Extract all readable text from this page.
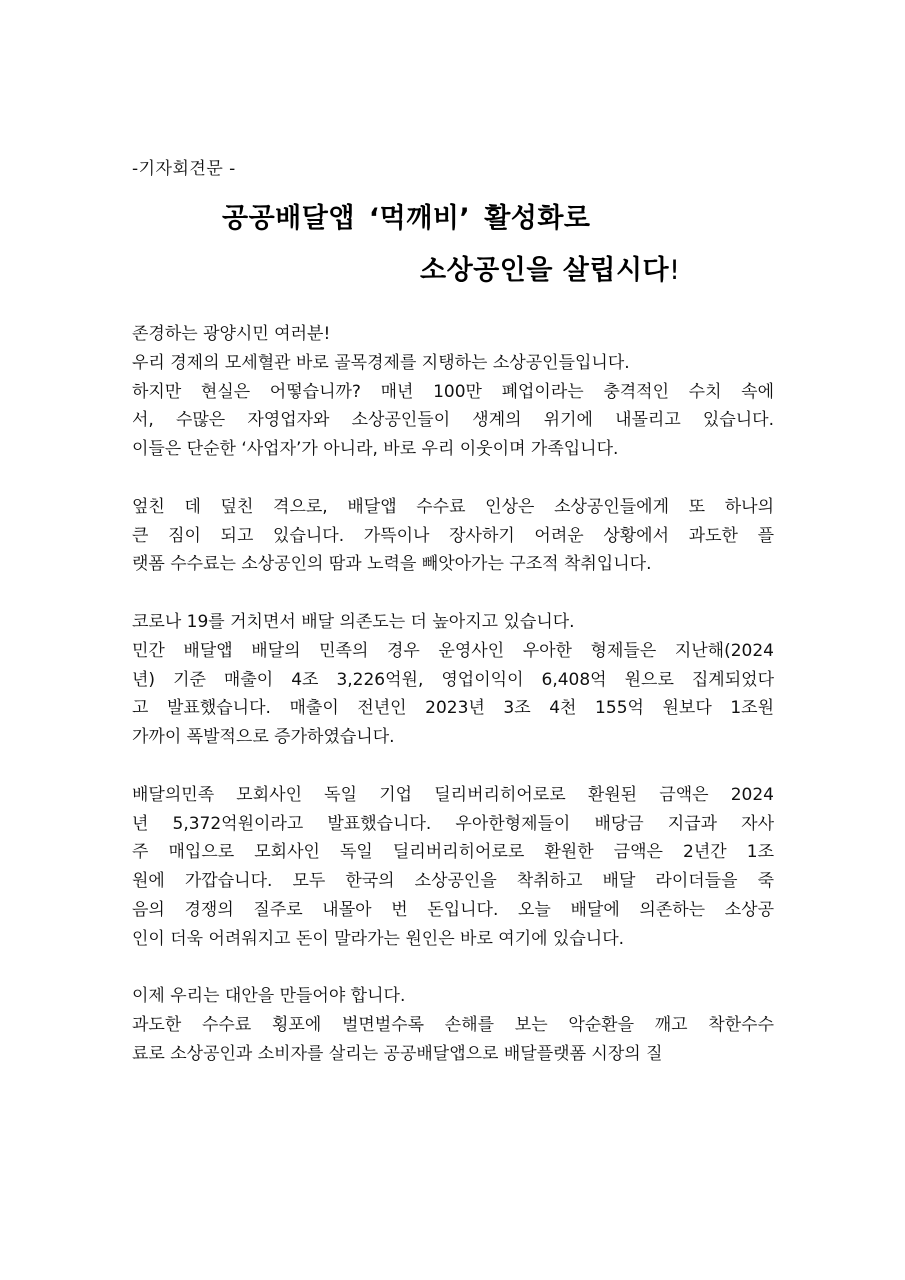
-기자회견문 -
공공배달앱 ‘먹깨비’ 활성화로
소상공인을 살립시다!
존경하는 광양시민 여러분!
우리 경제의 모세혈관 바로 골목경제를 지탱하는 소상공인들입니다.
하지만 현실은 어떻습니까? 매년 100만 폐업이라는 충격적인 수치 속에
서, 수많은 자영업자와 소상공인들이 생계의 위기에 내몰리고 있습니다.
이들은 단순한 ‘사업자’가 아니라, 바로 우리 이웃이며 가족입니다.
엎친 데 덮친 격으로, 배달앱 수수료 인상은 소상공인들에게 또 하나의
큰 짐이 되고 있습니다. 가뜩이나 장사하기 어려운 상황에서 과도한 플
랫폼 수수료는 소상공인의 땀과 노력을 빼앗아가는 구조적 착취입니다.
코로나 19를 거치면서 배달 의존도는 더 높아지고 있습니다.
민간 배달앱 배달의 민족의 경우 운영사인 우아한 형제들은 지난해(2024
년) 기준 매출이 4조 3,226억원, 영업이익이 6,408억 원으로 집계되었다
고 발표했습니다. 매출이 전년인 2023년 3조 4천 155억 원보다 1조원
가까이 폭발적으로 증가하였습니다.
배달의민족 모회사인 독일 기업 딜리버리히어로로 환원된 금액은 2024
년 5,372억원이라고 발표했습니다. 우아한형제들이 배당금 지급과 자사
주 매입으로 모회사인 독일 딜리버리히어로로 환원한 금액은 2년간 1조
원에 가깝습니다. 모두 한국의 소상공인을 착취하고 배달 라이더들을 죽
음의 경쟁의 질주로 내몰아 번 돈입니다. 오늘 배달에 의존하는 소상공
인이 더욱 어려워지고 돈이 말라가는 원인은 바로 여기에 있습니다.
이제 우리는 대안을 만들어야 합니다.
과도한 수수료 횡포에 벌면벌수록 손해를 보는 악순환을 깨고 착한수수
료로 소상공인과 소비자를 살리는 공공배달앱으로 배달플랫폼 시장의 질
